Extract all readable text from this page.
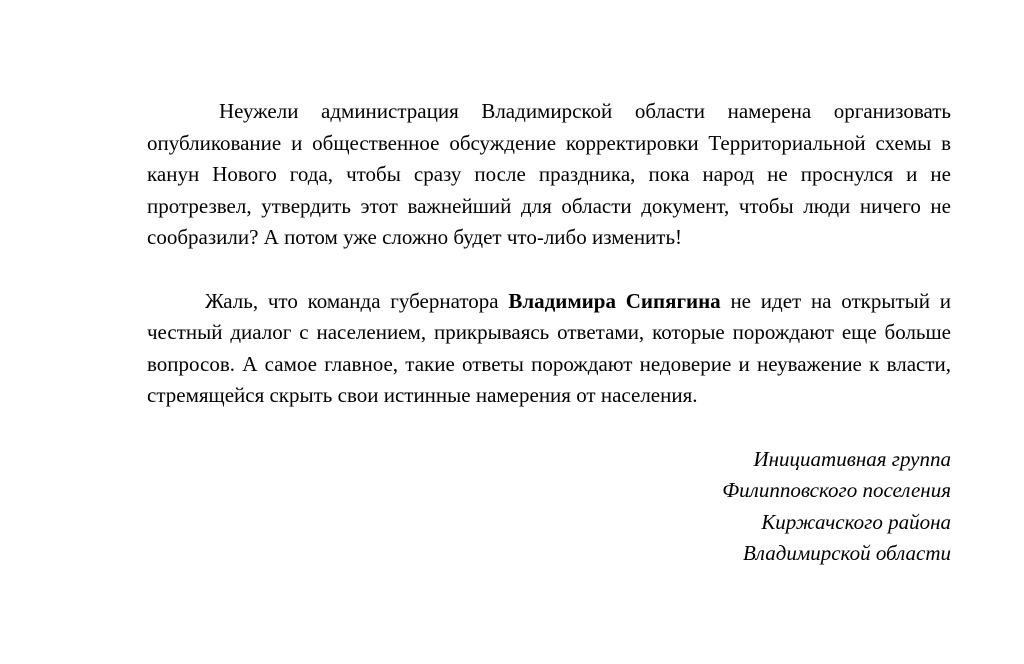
Неужели администрация Владимирской области намерена организовать опубликование и общественное обсуждение корректировки Территориальной схемы в канун Нового года, чтобы сразу после праздника, пока народ не проснулся и не протрезвел, утвердить этот важнейший для области документ, чтобы люди ничего не сообразили? А потом уже сложно будет что-либо изменить!

Жаль, что команда губернатора Владимира Сипягина не идет на открытый и честный диалог с населением, прикрываясь ответами, которые порождают еще больше вопросов. А самое главное, такие ответы порождают недоверие и неуважение к власти, стремящейся скрыть свои истинные намерения от населения.

Инициативная группа
Филипповского поселения
Киржачского района
Владимирской области
